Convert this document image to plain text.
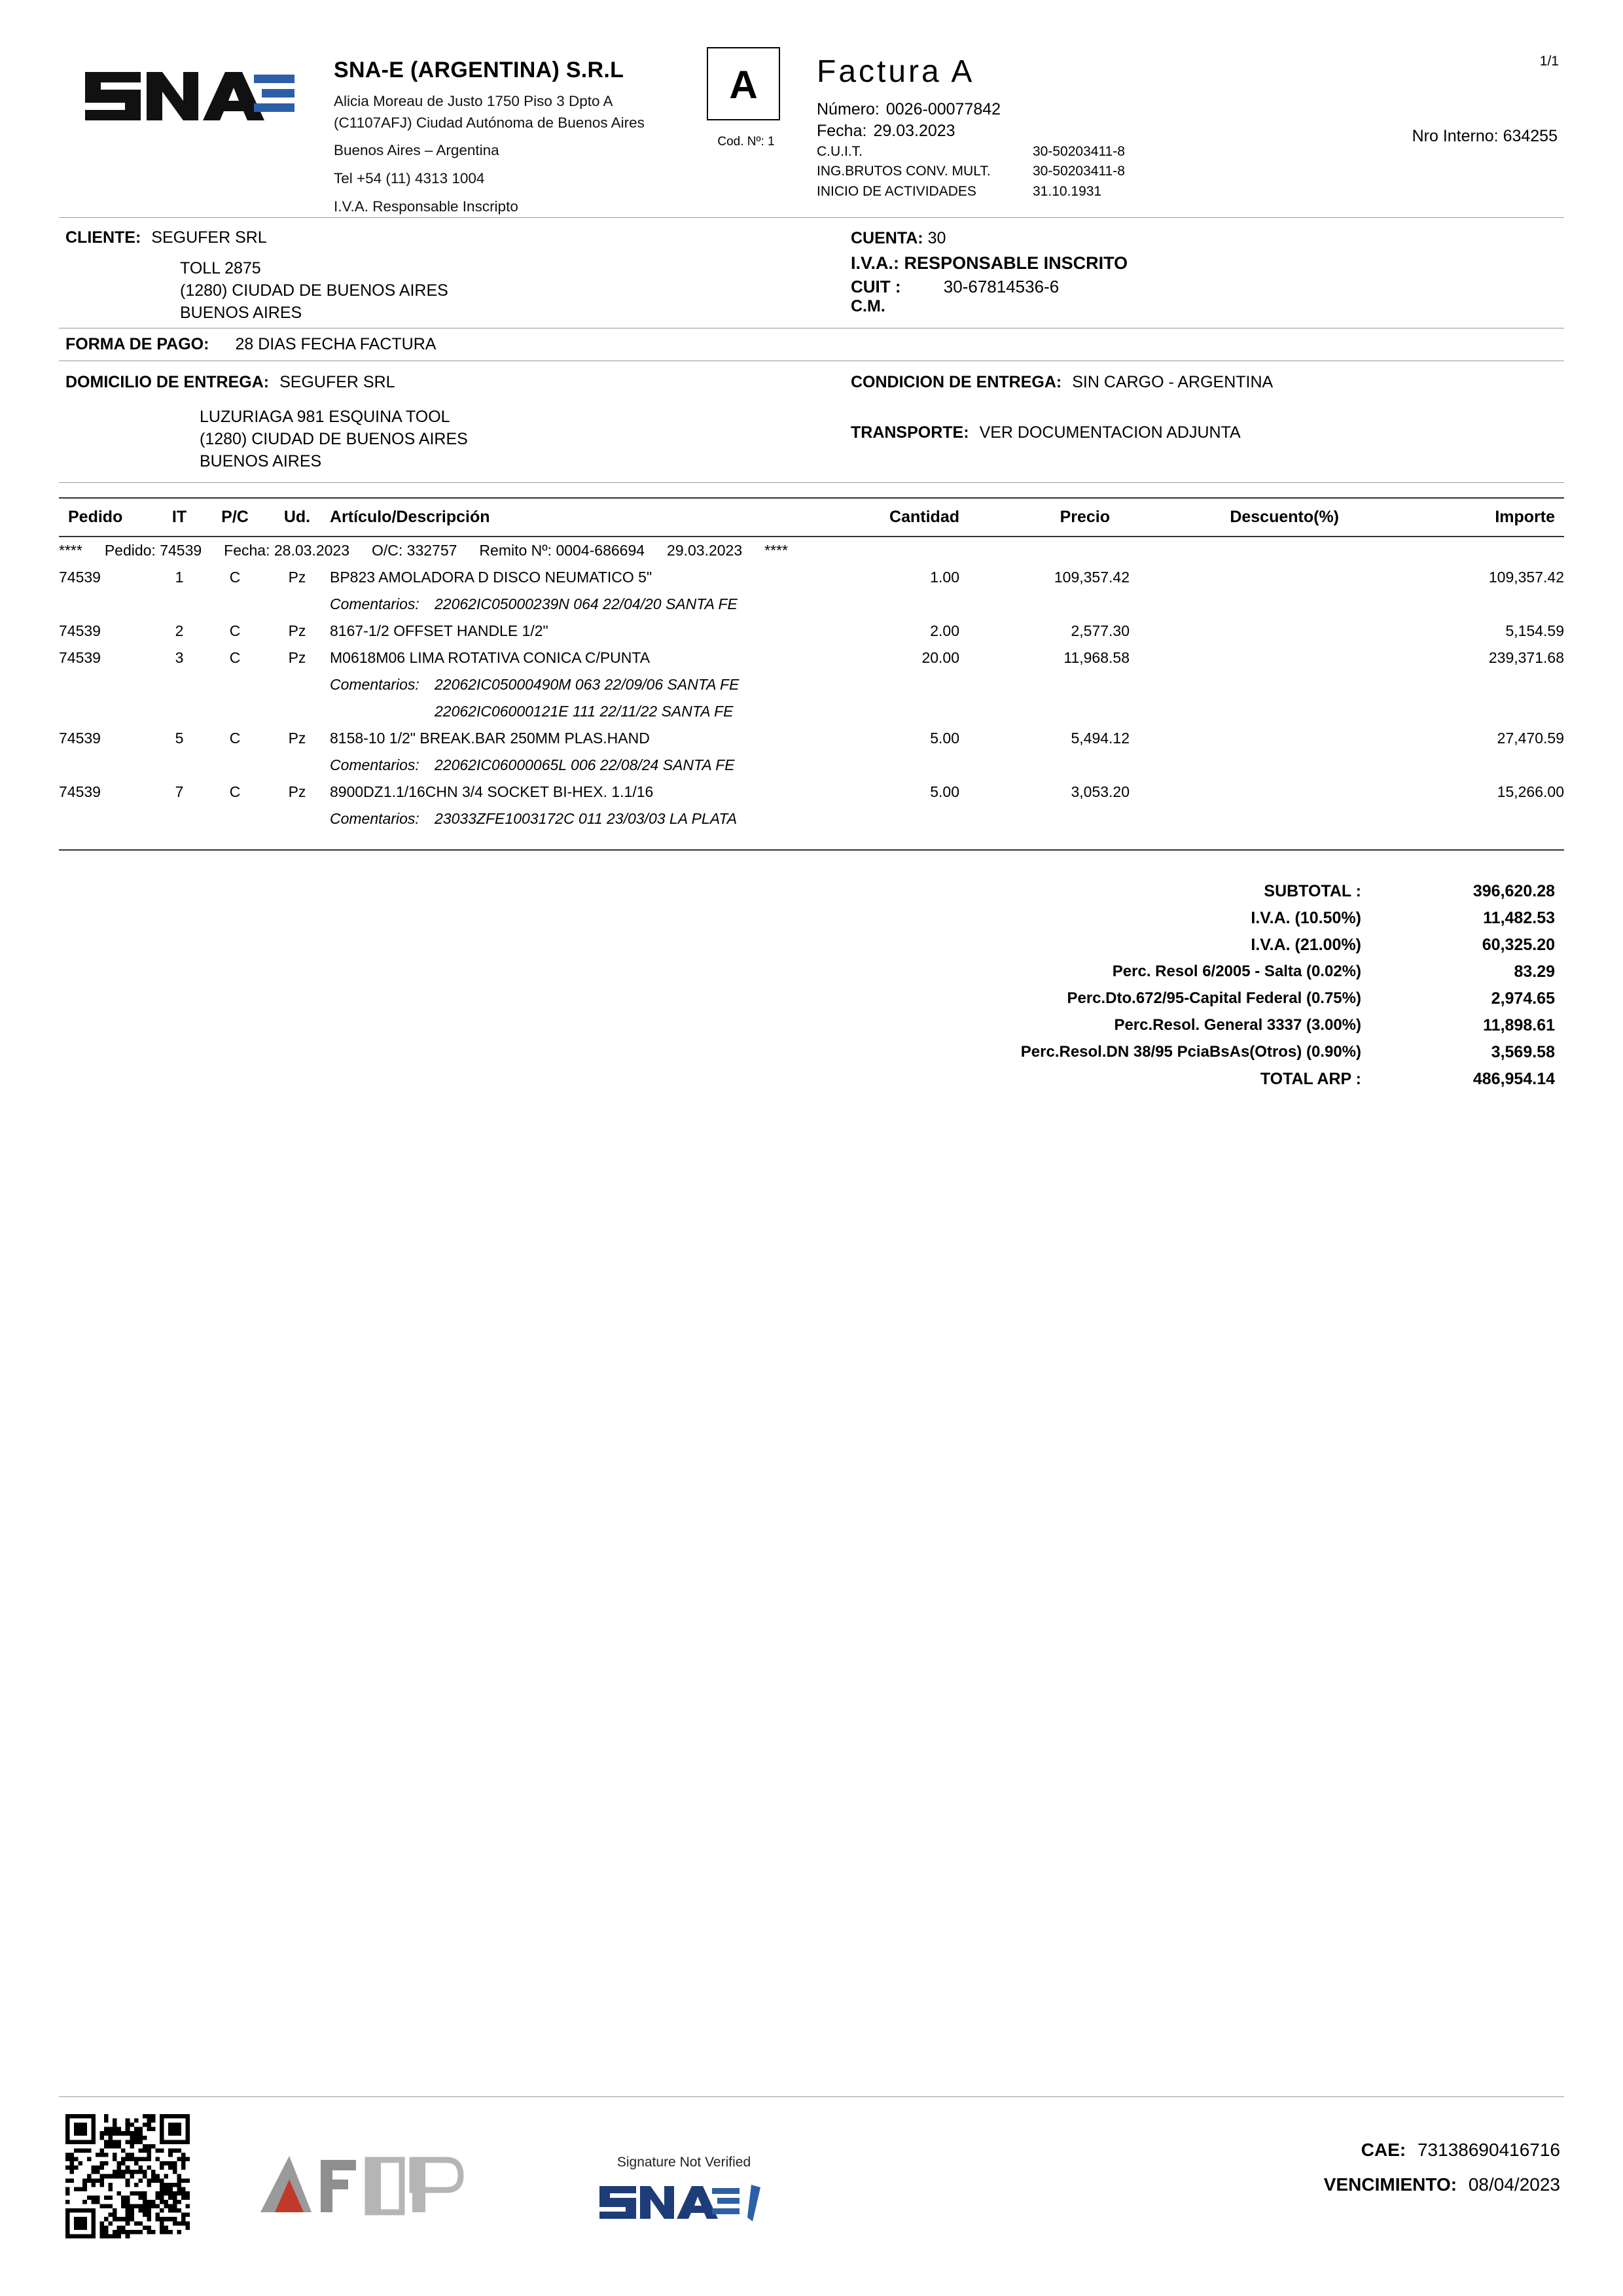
SNA-E (ARGENTINA) S.R.L
Alicia Moreau de Justo 1750 Piso 3 Dpto A
(C1107AFJ) Ciudad Autónoma de Buenos Aires
Buenos Aires – Argentina
Tel +54 (11) 4313 1004
I.V.A. Responsable Inscripto
A
Cod. Nº: 1
1/1
Factura A
Número: 0026-00077842
Fecha: 29.03.2023	Nro Interno: 634255
C.U.I.T.	30-50203411-8
ING.BRUTOS CONV. MULT.	30-50203411-8
INICIO DE ACTIVIDADES	31.10.1931
CLIENTE: SEGUFER SRL
TOLL 2875
(1280) CIUDAD DE BUENOS AIRES
BUENOS AIRES
CUENTA: 30
I.V.A.: RESPONSABLE INSCRITO
CUIT :	30-67814536-6
C.M.
FORMA DE PAGO: 28 DIAS FECHA FACTURA
DOMICILIO DE ENTREGA: SEGUFER SRL
LUZURIAGA 981 ESQUINA TOOL
(1280) CIUDAD DE BUENOS AIRES
BUENOS AIRES
CONDICION DE ENTREGA: SIN CARGO - ARGENTINA
TRANSPORTE: VER DOCUMENTACION ADJUNTA
Pedido	IT	P/C	Ud.	Artículo/Descripción	Cantidad	Precio	Descuento(%)	Importe
**** Pedido: 74539 Fecha: 28.03.2023 O/C: 332757 Remito Nº: 0004-686694 29.03.2023 ****								
74539	1	C	Pz	BP823 AMOLADORA D DISCO NEUMATICO 5"	1.00	109,357.42		109,357.42
				Comentarios: 22062IC05000239N 064 22/04/20 SANTA FE				
74539	2	C	Pz	8167-1/2 OFFSET HANDLE 1/2"	2.00	2,577.30		5,154.59
74539	3	C	Pz	M0618M06 LIMA ROTATIVA CONICA C/PUNTA	20.00	11,968.58		239,371.68
				Comentarios: 22062IC05000490M 063 22/09/06 SANTA FE				
				22062IC06000121E 111 22/11/22 SANTA FE				
74539	5	C	Pz	8158-10 1/2" BREAK.BAR 250MM PLAS.HAND	5.00	5,494.12		27,470.59
				Comentarios: 22062IC06000065L 006 22/08/24 SANTA FE				
74539	7	C	Pz	8900DZ1.1/16CHN 3/4 SOCKET BI-HEX. 1.1/16	5.00	3,053.20		15,266.00
				Comentarios: 23033ZFE1003172C 011 23/03/03 LA PLATA				
SUBTOTAL :	396,620.28
I.V.A. (10.50%)	11,482.53
I.V.A. (21.00%)	60,325.20
Perc. Resol 6/2005 - Salta (0.02%)	83.29
Perc.Dto.672/95-Capital Federal (0.75%)	2,974.65
Perc.Resol. General 3337 (3.00%)	11,898.61
Perc.Resol.DN 38/95 PciaBsAs(Otros) (0.90%)	3,569.58
TOTAL ARP :	486,954.14
Signature Not Verified
CAE: 73138690416716
VENCIMIENTO: 08/04/2023
